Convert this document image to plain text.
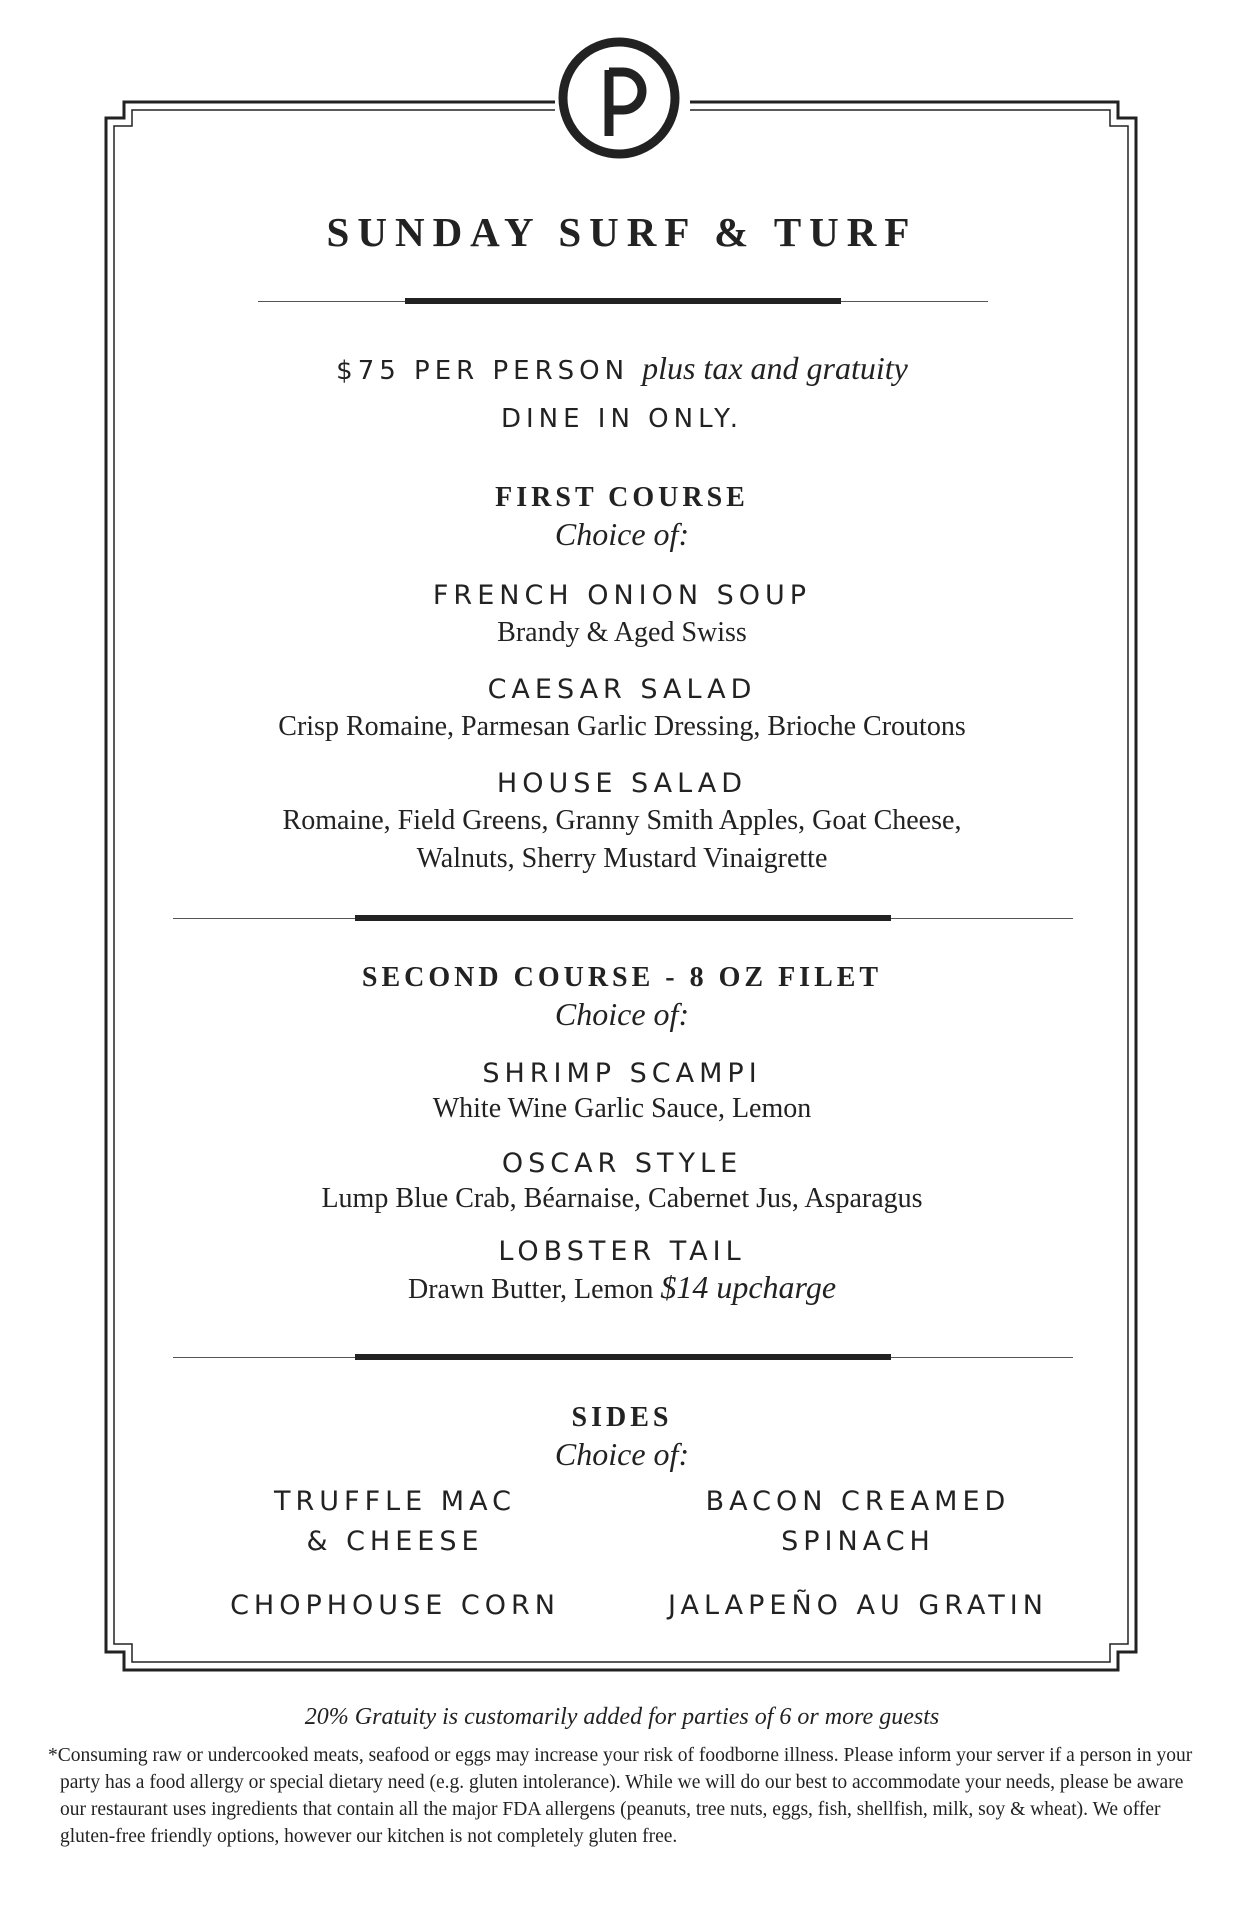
SUNDAY SURF & TURF
$75 PER PERSON plus tax and gratuity
DINE IN ONLY.
FIRST COURSE
Choice of:
FRENCH ONION SOUP
Brandy & Aged Swiss
CAESAR SALAD
Crisp Romaine, Parmesan Garlic Dressing, Brioche Croutons
HOUSE SALAD
Romaine, Field Greens, Granny Smith Apples, Goat Cheese,
Walnuts, Sherry Mustard Vinaigrette
SECOND COURSE - 8 OZ FILET
Choice of:
SHRIMP SCAMPI
White Wine Garlic Sauce, Lemon
OSCAR STYLE
Lump Blue Crab, Béarnaise, Cabernet Jus, Asparagus
LOBSTER TAIL
Drawn Butter, Lemon $14 upcharge
SIDES
Choice of:
TRUFFLE MAC
& CHEESE
BACON CREAMED
SPINACH
CHOPHOUSE CORN	JALAPEÑO AU GRATIN
20% Gratuity is customarily added for parties of 6 or more guests
*Consuming raw or undercooked meats, seafood or eggs may increase your risk of foodborne illness. Please inform your server if a person in your party has a food allergy or special dietary need (e.g. gluten intolerance). While we will do our best to accommodate your needs, please be aware our restaurant uses ingredients that contain all the major FDA allergens (peanuts, tree nuts, eggs, fish, shellfish, milk, soy & wheat). We offer gluten-free friendly options, however our kitchen is not completely gluten free.
